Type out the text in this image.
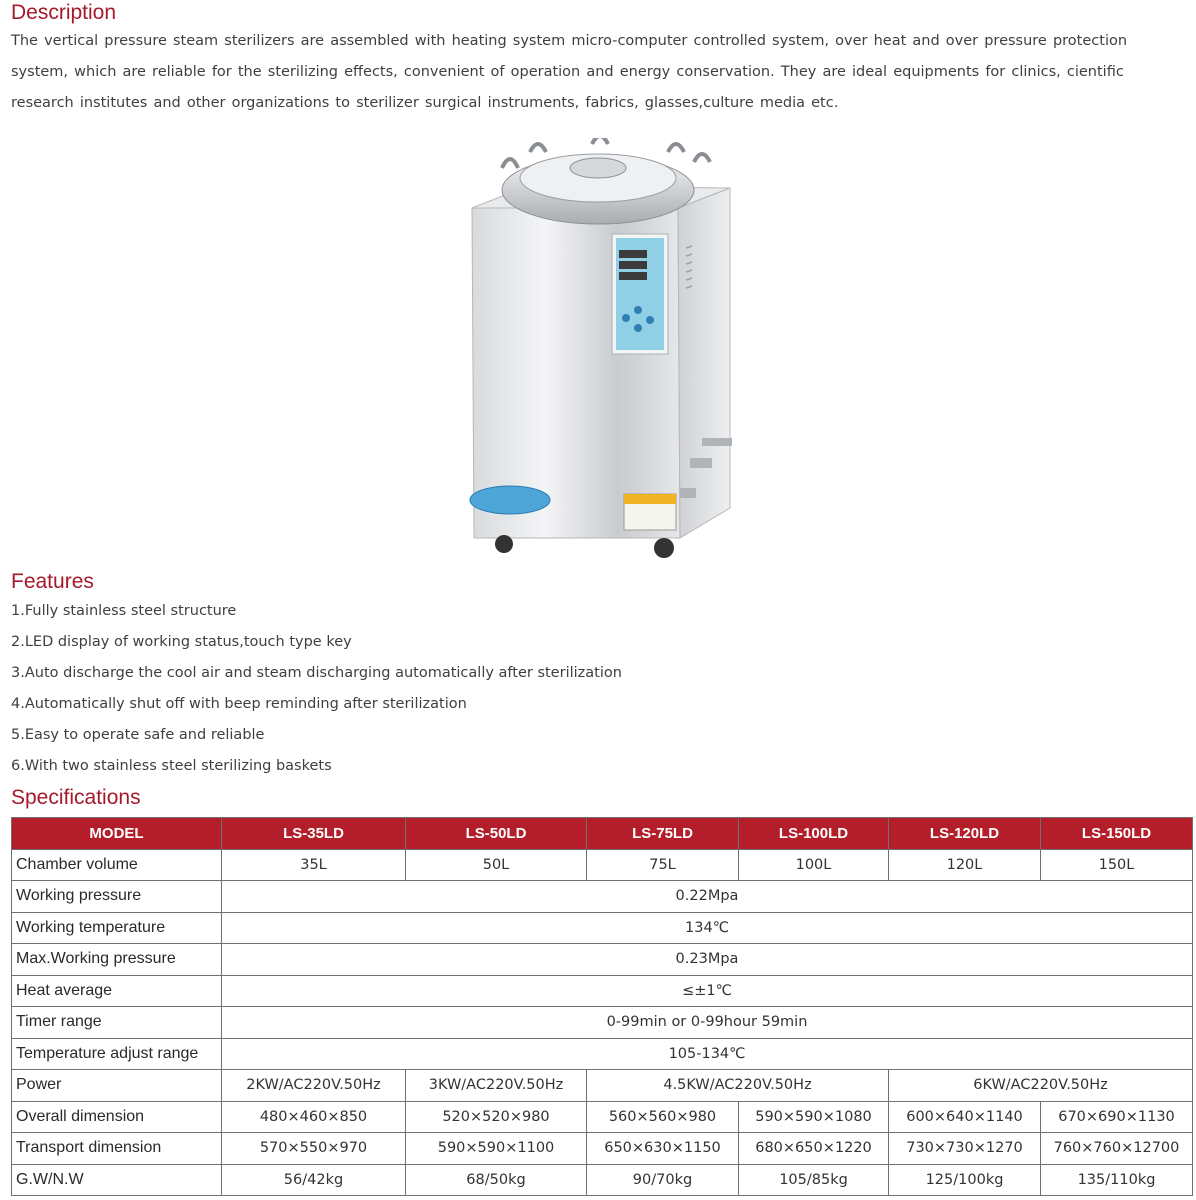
Description
The vertical pressure steam sterilizers are assembled with heating system micro-computer controlled system, over heat and over pressure protection
system, which are reliable for the sterilizing effects, convenient of operation and energy conservation. They are ideal equipments for clinics, cientific
research institutes and other organizations to sterilizer surgical instruments, fabrics, glasses,culture media etc.
Features
1.Fully stainless steel structure
2.LED display of working status,touch type key
3.Auto discharge the cool air and steam discharging automatically after sterilization
4.Automatically shut off with beep reminding after sterilization
5.Easy to operate safe and reliable
6.With two stainless steel sterilizing baskets
Specifications
MODEL	LS-35LD	LS-50LD	LS-75LD	LS-100LD	LS-120LD	LS-150LD
Chamber volume	35L	50L	75L	100L	120L	150L
Working pressure	0.22Mpa					
Working temperature	134℃					
Max.Working pressure	0.23Mpa					
Heat average	≤±1℃					
Timer range	0-99min or 0-99hour 59min					
Temperature adjust range	105-134℃					
Power	2KW/AC220V.50Hz	3KW/AC220V.50Hz	4.5KW/AC220V.50Hz		6KW/AC220V.50Hz	
Overall dimension	480×460×850	520×520×980	560×560×980	590×590×1080	600×640×1140	670×690×1130
Transport dimension	570×550×970	590×590×1100	650×630×1150	680×650×1220	730×730×1270	760×760×12700
G.W/N.W	56/42kg	68/50kg	90/70kg	105/85kg	125/100kg	135/110kg
